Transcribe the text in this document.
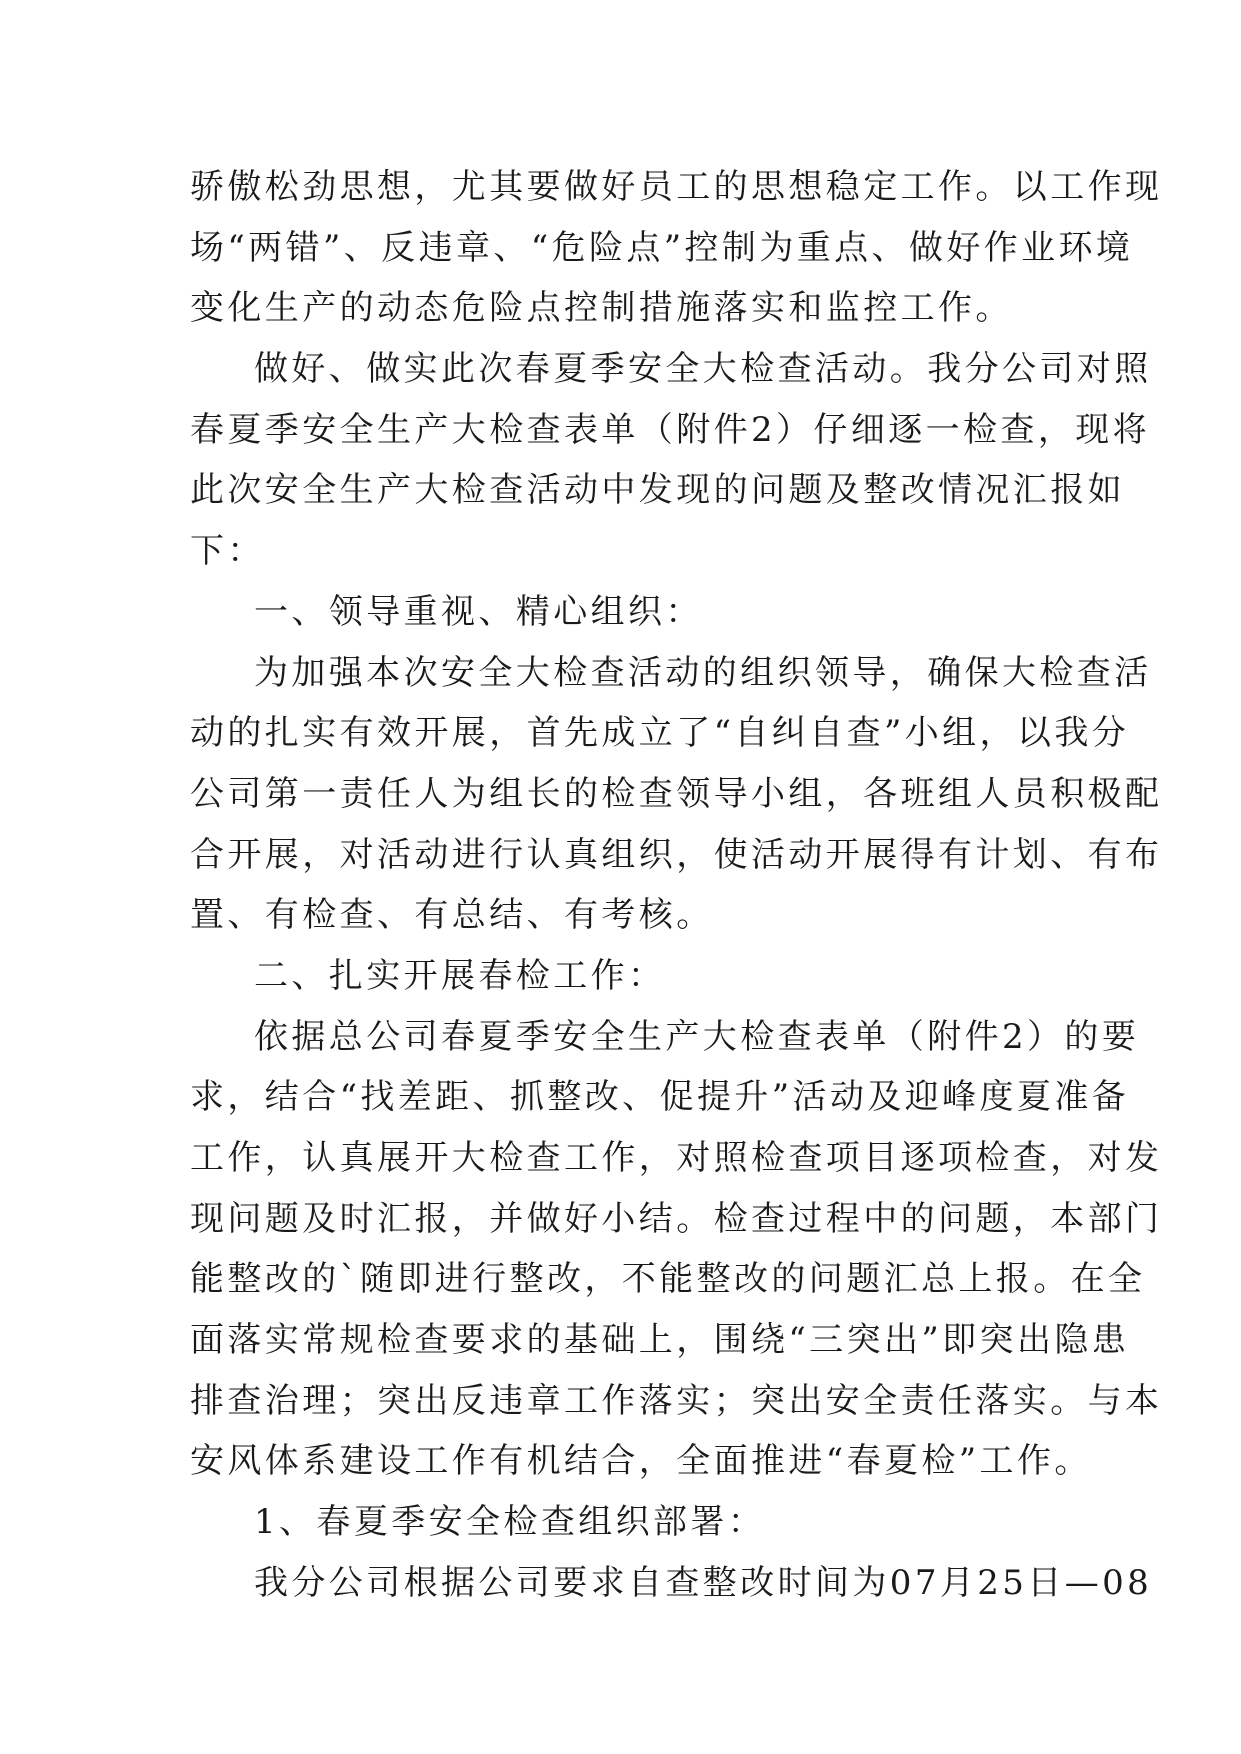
骄傲松劲思想，尤其要做好员工的思想稳定工作。以工作现
场“两错”、反违章、“危险点”控制为重点、做好作业环境
变化生产的动态危险点控制措施落实和监控工作。
做好、做实此次春夏季安全大检查活动。我分公司对照
春夏季安全生产大检查表单（附件2）仔细逐一检查，现将
此次安全生产大检查活动中发现的问题及整改情况汇报如
下：
一、领导重视、精心组织：
为加强本次安全大检查活动的组织领导，确保大检查活
动的扎实有效开展，首先成立了“自纠自查”小组，以我分
公司第一责任人为组长的检查领导小组，各班组人员积极配
合开展，对活动进行认真组织，使活动开展得有计划、有布
置、有检查、有总结、有考核。
二、扎实开展春检工作：
依据总公司春夏季安全生产大检查表单（附件2）的要
求，结合“找差距、抓整改、促提升”活动及迎峰度夏准备
工作，认真展开大检查工作，对照检查项目逐项检查，对发
现问题及时汇报，并做好小结。检查过程中的问题，本部门
能整改的`随即进行整改，不能整改的问题汇总上报。在全
面落实常规检查要求的基础上，围绕“三突出”即突出隐患
排查治理；突出反违章工作落实；突出安全责任落实。与本
安风体系建设工作有机结合，全面推进“春夏检”工作。
1、春夏季安全检查组织部署：
我分公司根据公司要求自查整改时间为07月25日—08
